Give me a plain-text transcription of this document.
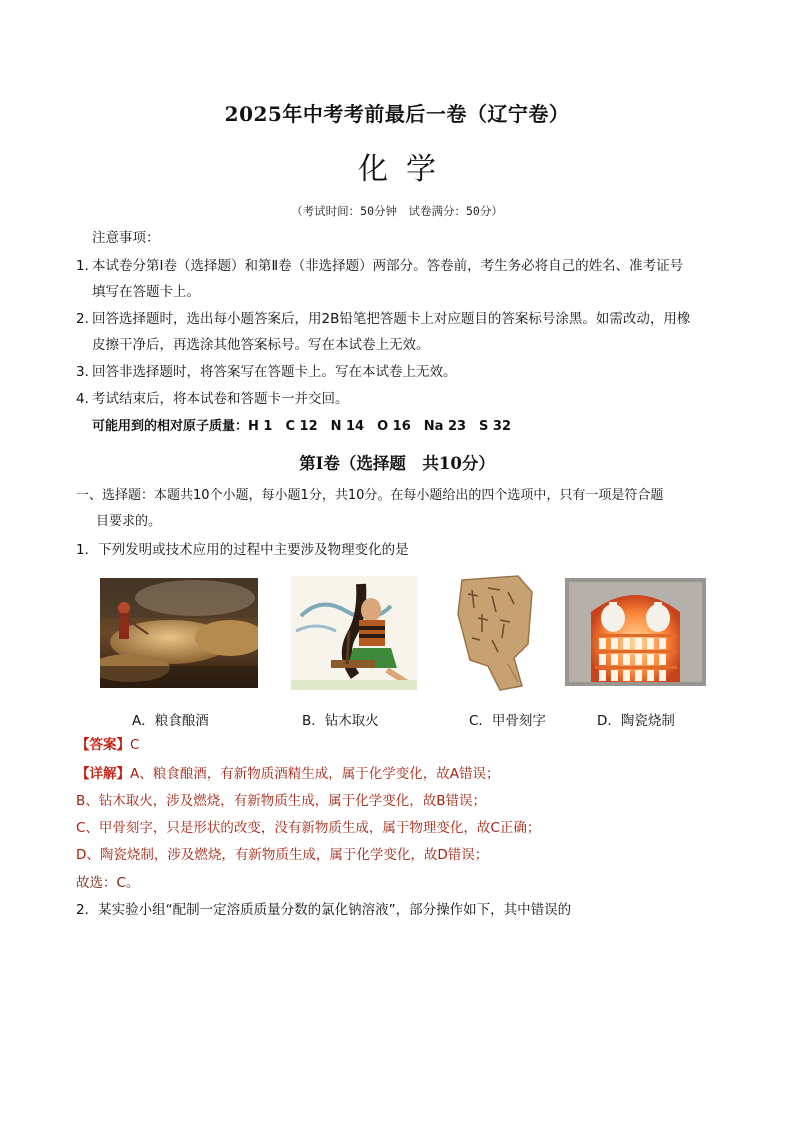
2025年中考考前最后一卷（辽宁卷）
化学
（考试时间：50分钟　试卷满分：50分）
注意事项：
1．本试卷分第Ⅰ卷（选择题）和第Ⅱ卷（非选择题）两部分。答卷前，考生务必将自己的姓名、准考证号
填写在答题卡上。
2．回答选择题时，选出每小题答案后，用2B铅笔把答题卡上对应题目的答案标号涂黑。如需改动，用橡
皮擦干净后，再选涂其他答案标号。写在本试卷上无效。
3．回答非选择题时，将答案写在答题卡上。写在本试卷上无效。
4．考试结束后，将本试卷和答题卡一并交回。
可能用到的相对原子质量：H 1　C 12　N 14　O 16　Na 23　S 32
第Ⅰ卷（选择题　共10分）
一、选择题：本题共10个小题，每小题1分，共10分。在每小题给出的四个选项中，只有一项是符合题
目要求的。
1．下列发明或技术应用的过程中主要涉及物理变化的是
A．粮食酿酒	B．钻木取火	C．甲骨刻字	D．陶瓷烧制
【答案】C
【详解】A、粮食酿酒，有新物质酒精生成，属于化学变化，故A错误；
B、钻木取火，涉及燃烧，有新物质生成，属于化学变化，故B错误；
C、甲骨刻字，只是形状的改变，没有新物质生成，属于物理变化，故C正确；
D、陶瓷烧制，涉及燃烧，有新物质生成，属于化学变化，故D错误；
故选：C。
2．某实验小组“配制一定溶质质量分数的氯化钠溶液”，部分操作如下，其中错误的
